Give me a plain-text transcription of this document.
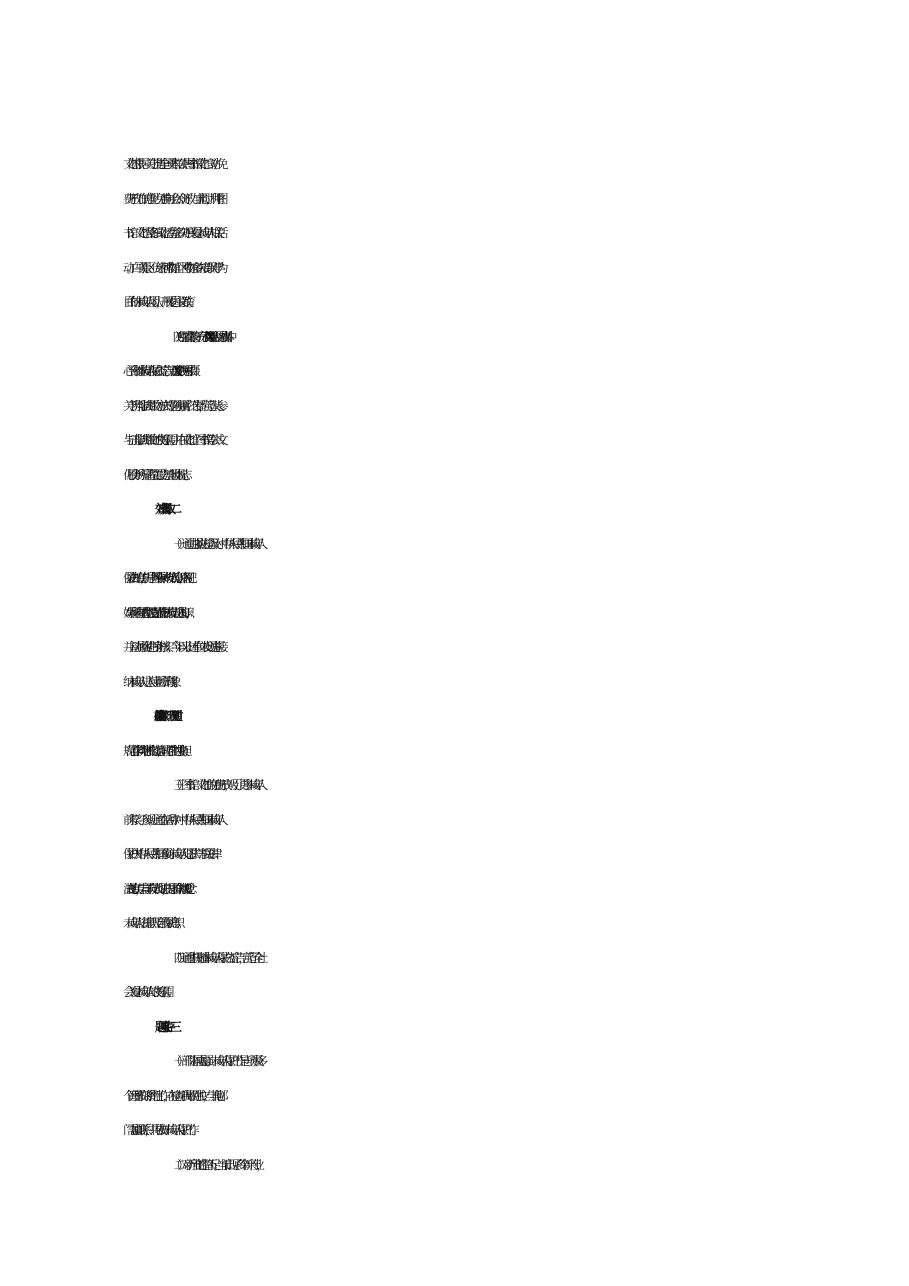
文化馆根据《关于推进全国美术馆公共图书馆文化馆（站）免

费开放工作的意见》免费向社会公众开放。与此同时，利用图

书馆、文化馆及各镇文化活动室多次开展关爱未成年人相关活

动。白马关景区、庞统祠博物馆、区博物馆多次接待以研学为

目的的未成年人团队，开展爱国主义教育。

（四）加强宣传教育。充分利用XX电视台及区融媒体中

心平台刊播未成年人保护公益广告。通过XX文旅视频号拍摄

关于辨别非法出版物方法的专题视频并广泛传播，营造人人参

与打击非法出版物的良好氛围。并在文化馆、图书馆等公共文

化服务场所显著位置设立禁止吸烟标志。

（一）通过加强执法检查及对《中华人民共和国未成年人

保护法》的宣传，提升了各场所保护未成年人的意识，各网吧、

娱乐场所均在显著位置设置禁止或限制未成年人进入的标识，

并主动对顾客进行身份核实。今年以来上述单位未发现违规接

纳未成年人进入营业场所的现象。

规范了非学科类培训机构的运营，减轻了学生的课业负担。

（三）图书馆、文化馆的免费开放，吸引了更多未成年人

前来学习、参观。通过在活动中对《中华人民共和国未成年人

保护法》《中华人民共和国预防未成年人犯罪法》等相关法律

法规的宣传，丰富了未成年人的见识，提升了群众的法律观念、

未成年人法律意识及自我保护意识。

（四）通过积极刊播未成年人保护公益广告，营造了全社

会关爱未成年人的良好氛围。

（一）部门协同需加强。未成年人保护工作是一项涉及多

个管理部门的系统性工作，在检查中我局相对独立，与其他部

门需加强联系，共同做好未成年人保护工作。

（二）对新产业的监管不足。当前出现了多个新兴产业，
